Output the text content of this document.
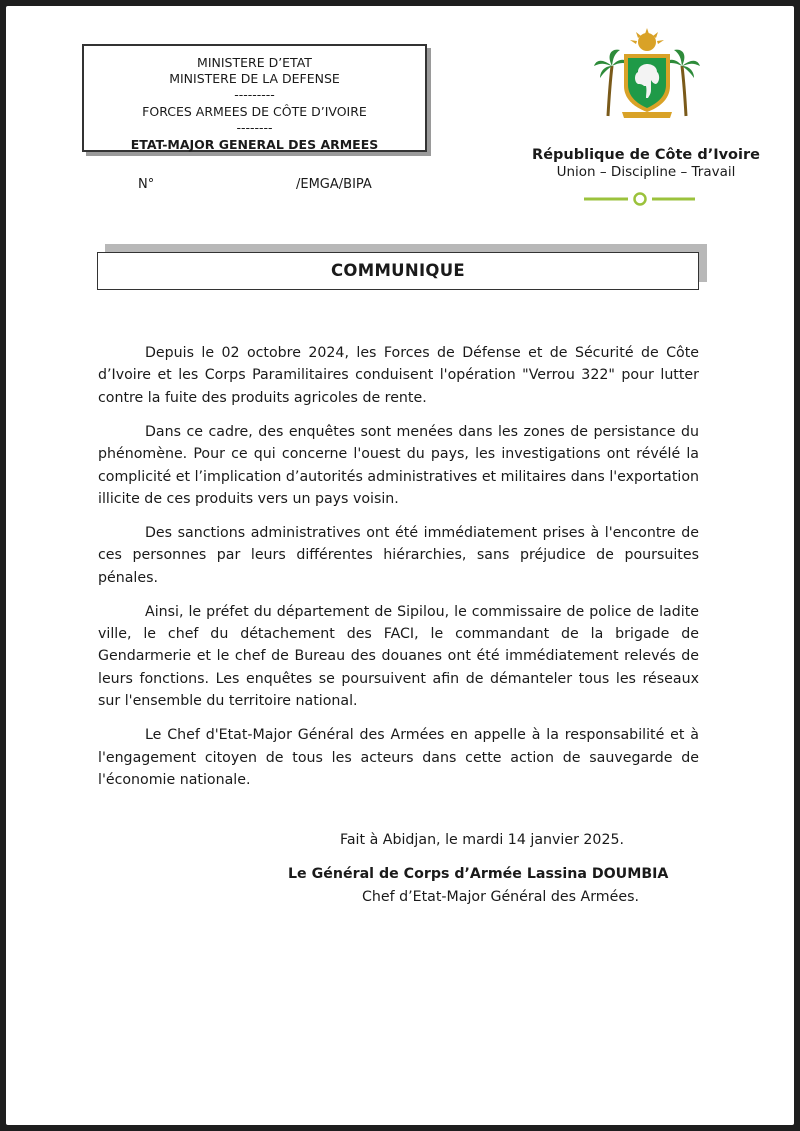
MINISTERE D’ETAT
MINISTERE DE LA DEFENSE
---------
FORCES ARMEES DE CÔTE D’IVOIRE
--------
ETAT-MAJOR GENERAL DES ARMEES
N°	/EMGA/BIPA
République de Côte d’Ivoire
Union – Discipline – Travail
COMMUNIQUE

Depuis le 02 octobre 2024, les Forces de Défense et de Sécurité de Côte d’Ivoire et les Corps Paramilitaires conduisent l'opération "Verrou 322" pour lutter contre la fuite des produits agricoles de rente.

Dans ce cadre, des enquêtes sont menées dans les zones de persistance du phénomène. Pour ce qui concerne l'ouest du pays, les investigations ont révélé la complicité et l’implication d’autorités administratives et militaires dans l'exportation illicite de ces produits vers un pays voisin.

Des sanctions administratives ont été immédiatement prises à l'encontre de ces personnes par leurs différentes hiérarchies, sans préjudice de poursuites pénales.

Ainsi, le préfet du département de Sipilou, le commissaire de police de ladite ville, le chef du détachement des FACI, le commandant de la brigade de Gendarmerie et le chef de Bureau des douanes ont été immédiatement relevés de leurs fonctions. Les enquêtes se poursuivent afin de démanteler tous les réseaux sur l'ensemble du territoire national.

Le Chef d'Etat-Major Général des Armées en appelle à la responsabilité et à l'engagement citoyen de tous les acteurs dans cette action de sauvegarde de l'économie nationale.

Fait à Abidjan, le mardi 14 janvier 2025.
Le Général de Corps d’Armée Lassina DOUMBIA
Chef d’Etat-Major Général des Armées.
